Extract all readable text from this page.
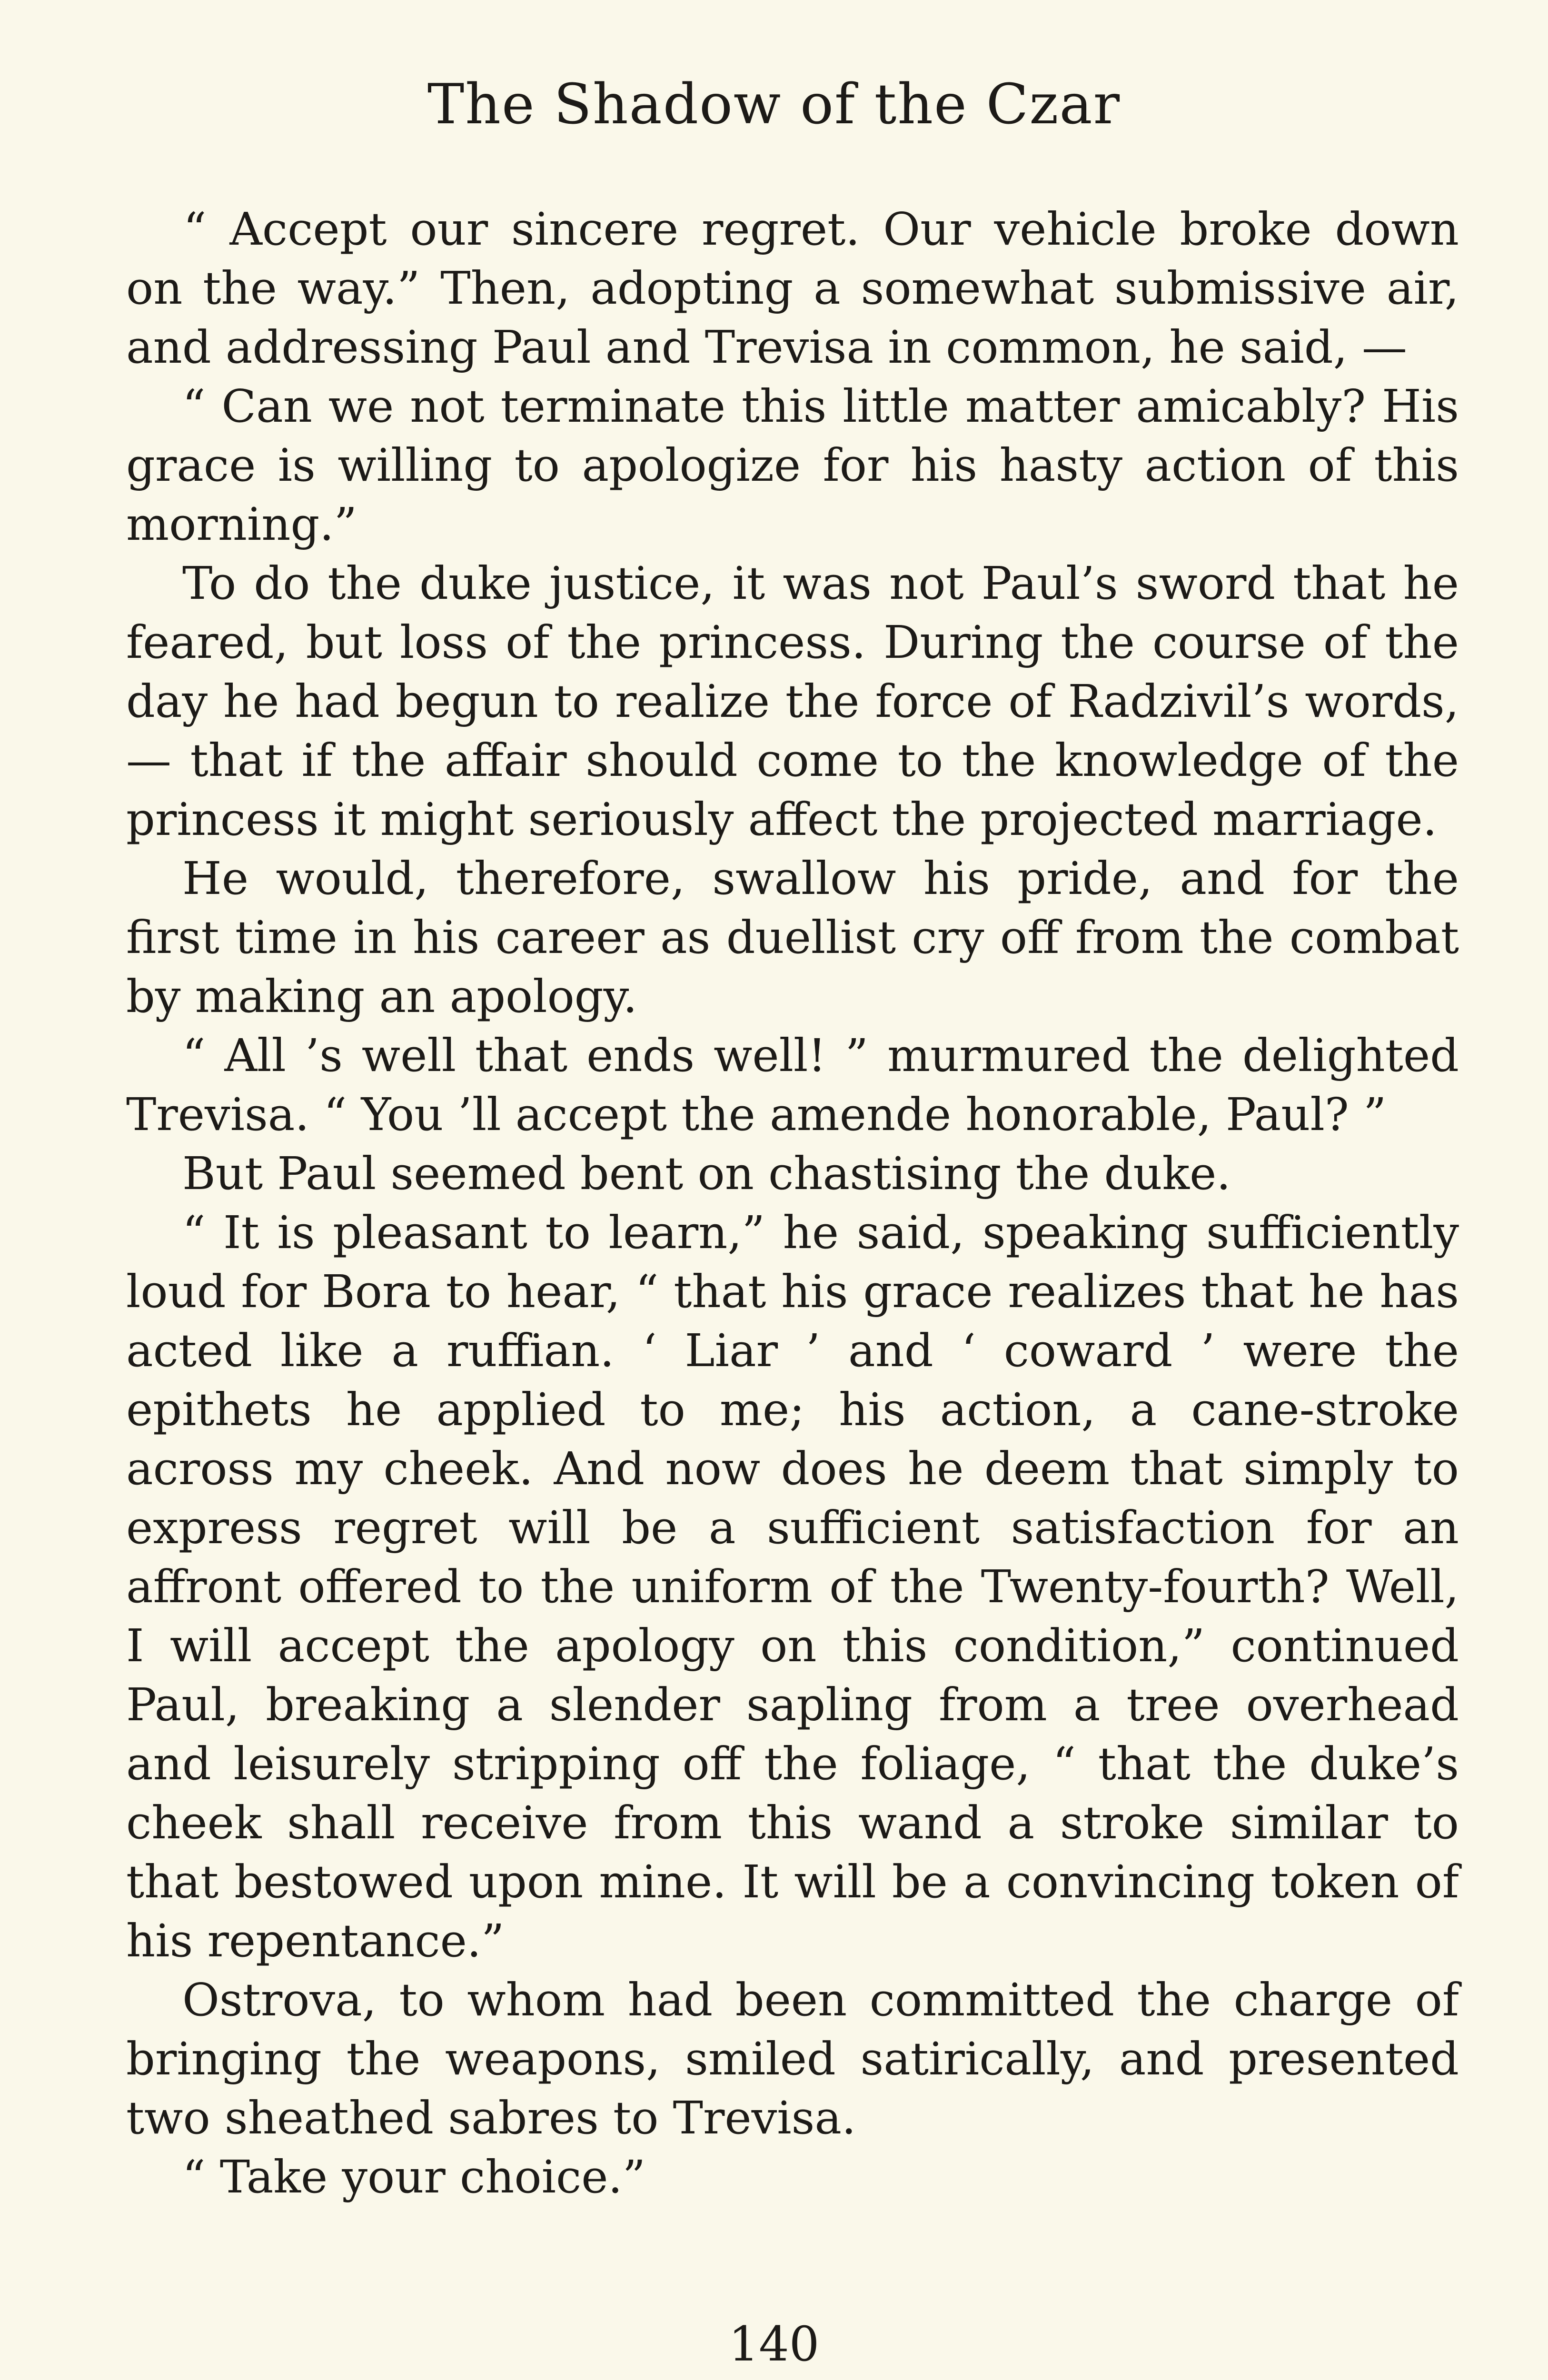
The Shadow of the Czar

“ Accept our sincere regret. Our vehicle broke down on the way.” Then, adopting a somewhat submissive air, and addressing Paul and Trevisa in common, he said, —

“ Can we not terminate this little matter amicably? His grace is willing to apologize for his hasty action of this morning.”

To do the duke justice, it was not Paul’s sword that he feared, but loss of the princess. During the course of the day he had begun to realize the force of Radzivil’s words, — that if the affair should come to the knowledge of the princess it might seriously affect the projected marriage.

He would, therefore, swallow his pride, and for the first time in his career as duellist cry off from the combat by making an apology.

“ All ’s well that ends well! ” murmured the delighted Trevisa. “ You ’ll accept the amende honorable, Paul? ”

But Paul seemed bent on chastising the duke.

“ It is pleasant to learn,” he said, speaking sufficiently loud for Bora to hear, “ that his grace realizes that he has acted like a ruffian. ‘ Liar ’ and ‘ coward ’ were the epithets he applied to me; his action, a cane-stroke across my cheek. And now does he deem that simply to express regret will be a sufficient satisfaction for an affront offered to the uniform of the Twenty-fourth? Well, I will accept the apology on this condition,” continued Paul, breaking a slender sapling from a tree overhead and leisurely stripping off the foliage, “ that the duke’s cheek shall receive from this wand a stroke similar to that bestowed upon mine. It will be a convincing token of his repentance.”

Ostrova, to whom had been committed the charge of bringing the weapons, smiled satirically, and presented two sheathed sabres to Trevisa.

“ Take your choice.”

140
